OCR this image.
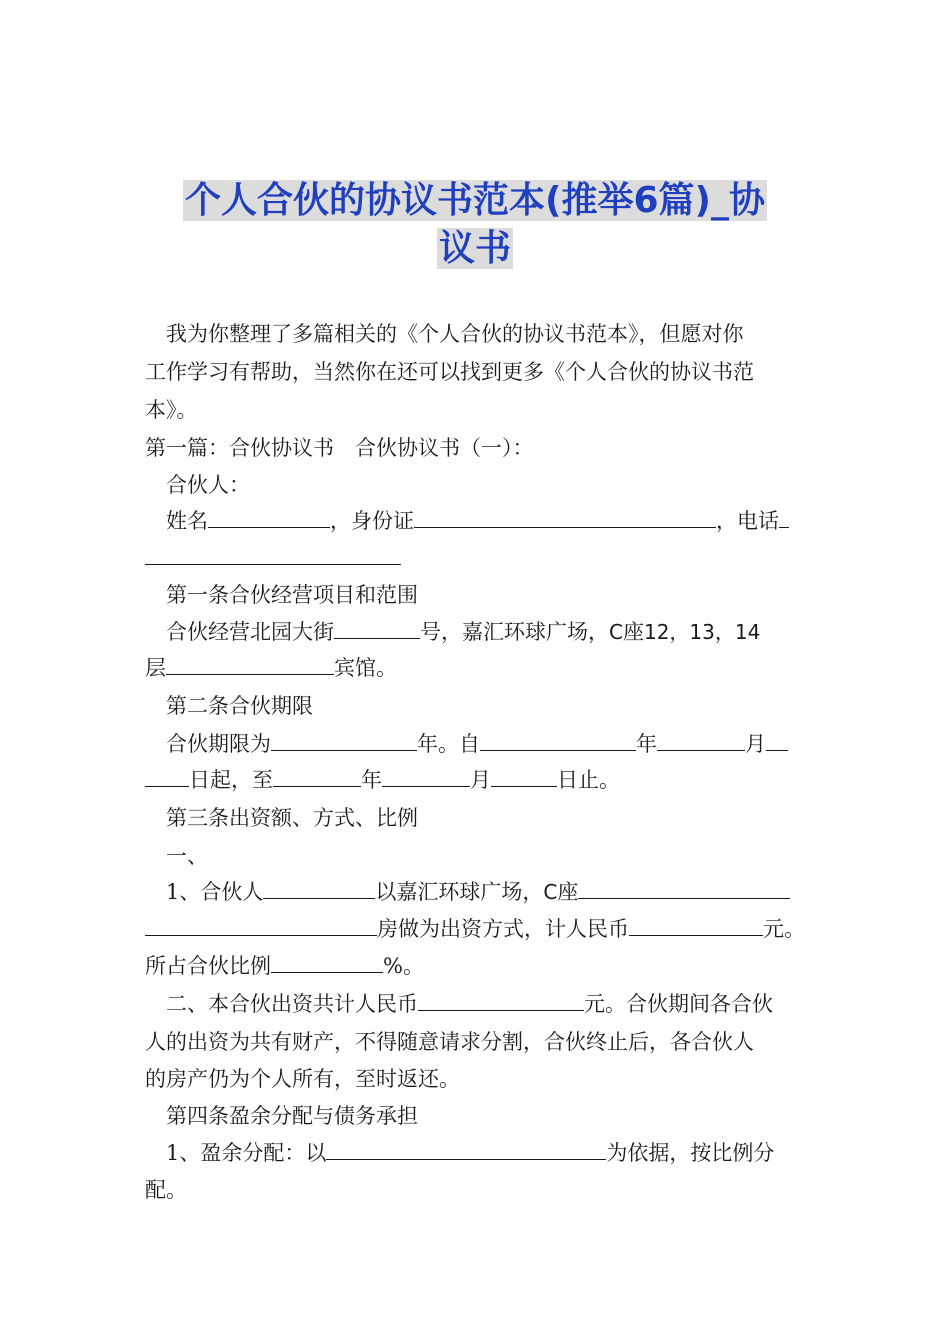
个人合伙的协议书范本(推举6篇)_协
议书
　我为你整理了多篇相关的《个人合伙的协议书范本》，但愿对你
工作学习有帮助，当然你在还可以找到更多《个人合伙的协议书范
本》。
第一篇：合伙协议书　合伙协议书（一）：
　合伙人：
　姓名	，身份证	，电话
　第一条合伙经营项目和范围
　合伙经营北园大街	号，嘉汇环球广场，C座12，13，14
层	宾馆。
　第二条合伙期限
　合伙期限为	年。自	年	月
日起，至	年	月	日止。
　第三条出资额、方式、比例
　一、
　1、合伙人	以嘉汇环球广场，C座
房做为出资方式，计人民币	元。
所占合伙比例	%。
　二、本合伙出资共计人民币	元。合伙期间各合伙
人的出资为共有财产，不得随意请求分割，合伙终止后，各合伙人
的房产仍为个人所有，至时返还。
　第四条盈余分配与债务承担
　1、盈余分配：以	为依据，按比例分
配。
